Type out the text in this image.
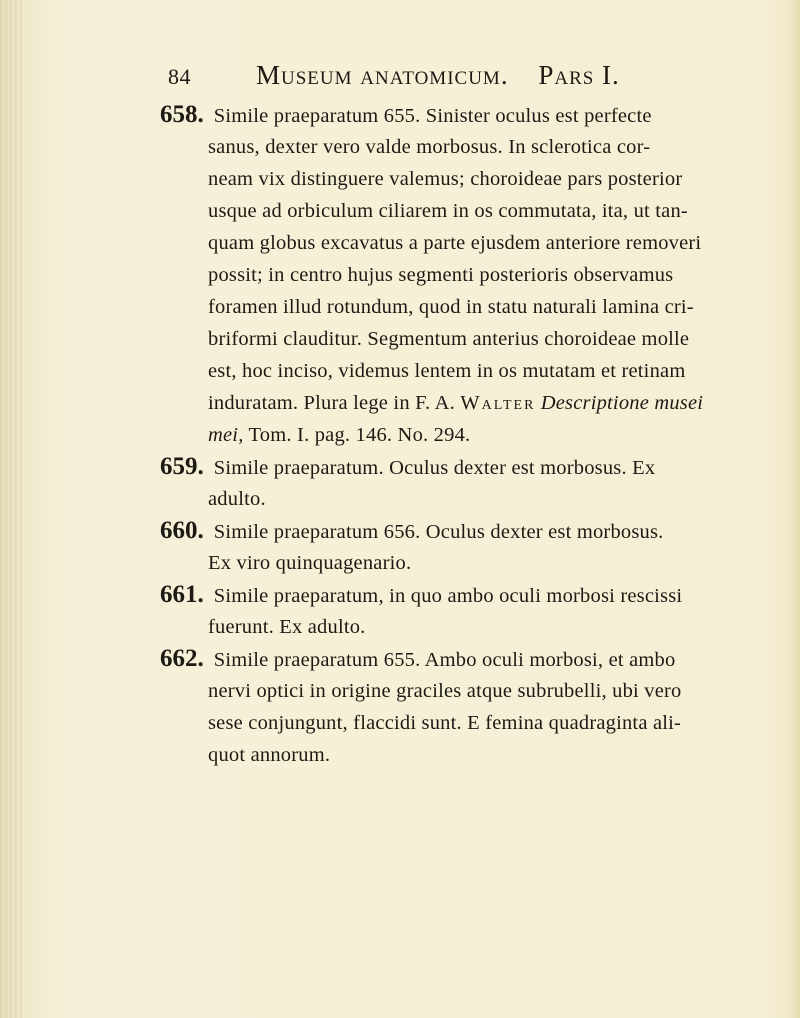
84 Museum anatomicum. Pars I.
658. Simile praeparatum 655. Sinister oculus est perfecte
sanus, dexter vero valde morbosus. In sclerotica cor-
neam vix distinguere valemus; choroideae pars posterior
usque ad orbiculum ciliarem in os commutata, ita, ut tan-
quam globus excavatus a parte ejusdem anteriore removeri
possit; in centro hujus segmenti posterioris observamus
foramen illud rotundum, quod in statu naturali lamina cri-
briformi clauditur. Segmentum anterius choroideae molle
est, hoc inciso, videmus lentem in os mutatam et retinam
induratam. Plura lege in F. A. Walter Descriptione musei
mei, Tom. I. pag. 146. No. 294.
659. Simile praeparatum. Oculus dexter est morbosus. Ex
adulto.
660. Simile praeparatum 656. Oculus dexter est morbosus.
Ex viro quinquagenario.
661. Simile praeparatum, in quo ambo oculi morbosi rescissi
fuerunt. Ex adulto.
662. Simile praeparatum 655. Ambo oculi morbosi, et ambo
nervi optici in origine graciles atque subrubelli, ubi vero
sese conjungunt, flaccidi sunt. E femina quadraginta ali-
quot annorum.
